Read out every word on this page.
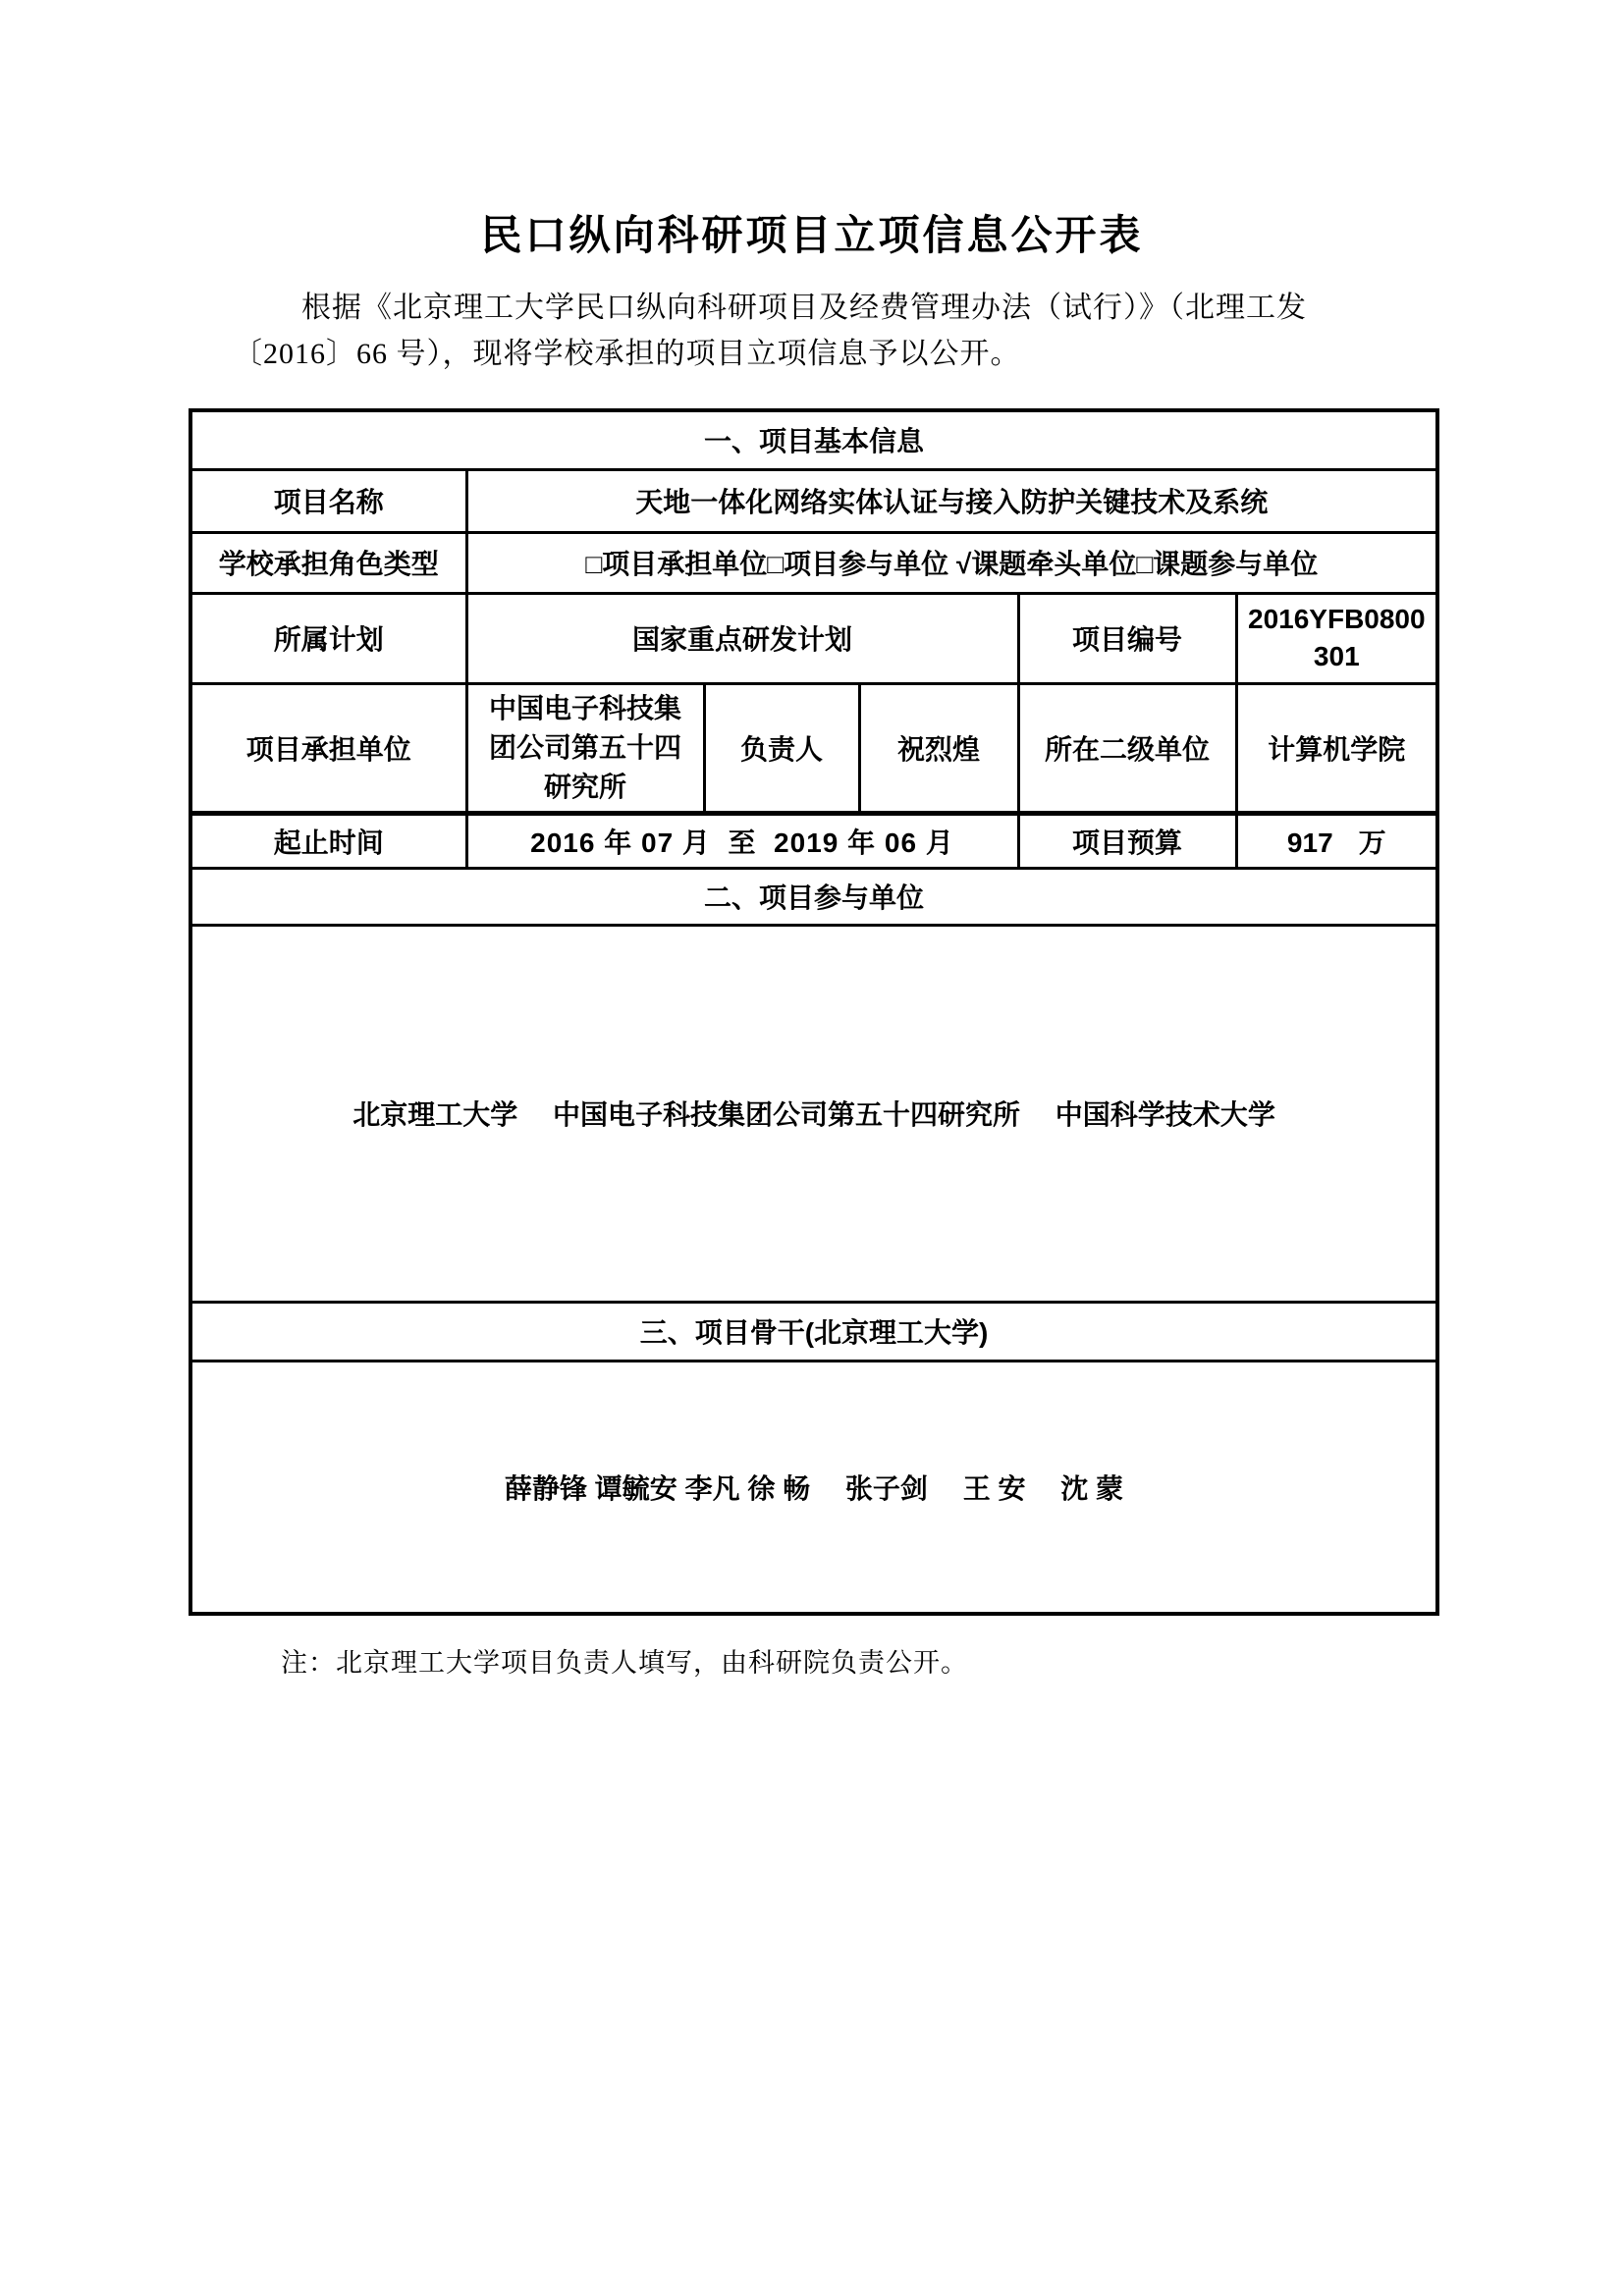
民口纵向科研项目立项信息公开表
根据《北京理工大学民口纵向科研项目及经费管理办法（试行）》（北理工发
〔2016〕66 号），现将学校承担的项目立项信息予以公开。
一、项目基本信息					
项目名称	天地一体化网络实体认证与接入防护关键技术及系统				
学校承担角色类型	□项目承担单位□项目参与单位 √课题牵头单位□课题参与单位				
所属计划	国家重点研发计划			项目编号	2016YFB0800301
项目承担单位	中国电子科技集团公司第五十四研究所	负责人	祝烈煌	所在二级单位	计算机学院
起止时间	2016 年 07 月  至  2019 年 06 月			项目预算	917 万
二、项目参与单位					
北京理工大学　 中国电子科技集团公司第五十四研究所　 中国科学技术大学					
三、项目骨干(北京理工大学)					
薛静锋 谭毓安 李凡 徐 畅　 张子剑　 王 安　 沈 蒙					
注：北京理工大学项目负责人填写，由科研院负责公开。
